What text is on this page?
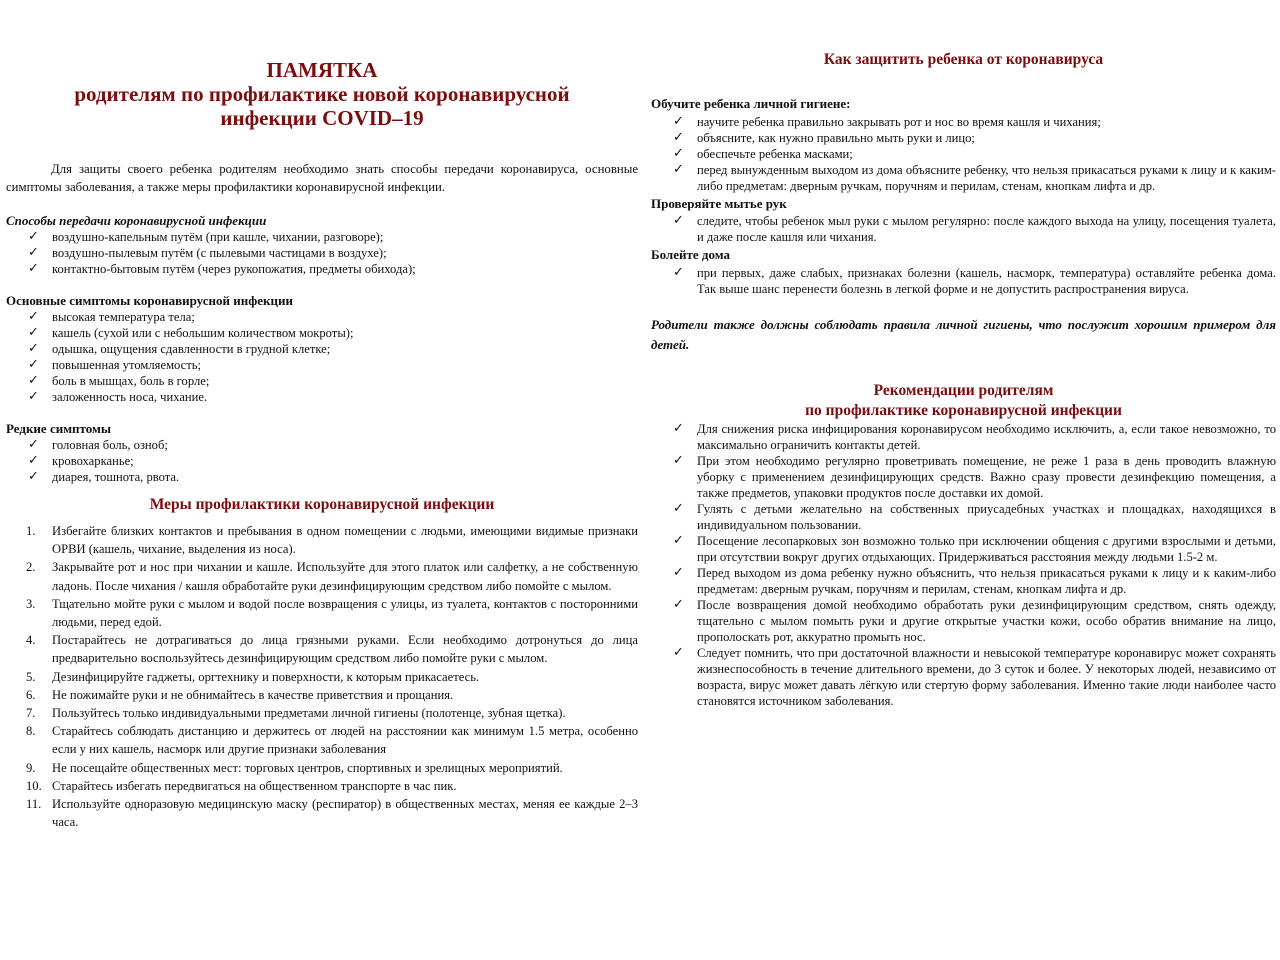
ПАМЯТКА
родителям по профилактике новой коронавирусной
инфекции COVID–19
Для защиты своего ребенка родителям необходимо знать способы передачи коронавируса, основные симптомы заболевания, а также меры профилактики коронавирусной инфекции.
Способы передачи коронавирусной инфекции
✓ воздушно-капельным путём (при кашле, чихании, разговоре);
✓ воздушно-пылевым путём (с пылевыми частицами в воздухе);
✓ контактно-бытовым путём (через рукопожатия, предметы обихода);
Основные симптомы коронавирусной инфекции
✓ высокая температура тела;
✓ кашель (сухой или с небольшим количеством мокроты);
✓ одышка, ощущения сдавленности в грудной клетке;
✓ повышенная утомляемость;
✓ боль в мышцах, боль в горле;
✓ заложенность носа, чихание.
Редкие симптомы
✓ головная боль, озноб;
✓ кровохарканье;
✓ диарея, тошнота, рвота.
Меры профилактики коронавирусной инфекции
1. Избегайте близких контактов и пребывания в одном помещении с людьми, имеющими видимые признаки ОРВИ (кашель, чихание, выделения из носа).
2. Закрывайте рот и нос при чихании и кашле. Используйте для этого платок или салфетку, а не собственную ладонь. После чихания / кашля обработайте руки дезинфицирующим средством либо помойте с мылом.
3. Тщательно мойте руки с мылом и водой после возвращения с улицы, из туалета, контактов с посторонними людьми, перед едой.
4. Постарайтесь не дотрагиваться до лица грязными руками. Если необходимо дотронуться до лица предварительно воспользуйтесь дезинфицирующим средством либо помойте руки с мылом.
5. Дезинфицируйте гаджеты, оргтехнику и поверхности, к которым прикасаетесь.
6. Не пожимайте руки и не обнимайтесь в качестве приветствия и прощания.
7. Пользуйтесь только индивидуальными предметами личной гигиены (полотенце, зубная щетка).
8. Старайтесь соблюдать дистанцию и держитесь от людей на расстоянии как минимум 1.5 метра, особенно если у них кашель, насморк или другие признаки заболевания
9. Не посещайте общественных мест: торговых центров, спортивных и зрелищных мероприятий.
10. Старайтесь избегать передвигаться на общественном транспорте в час пик.
11. Используйте одноразовую медицинскую маску (респиратор) в общественных местах, меняя ее каждые 2–3 часа.
Как защитить ребенка от коронавируса
Обучите ребенка личной гигиене:
✓ научите ребенка правильно закрывать рот и нос во время кашля и чихания;
✓ объясните, как нужно правильно мыть руки и лицо;
✓ обеспечьте ребенка масками;
✓ перед вынужденным выходом из дома объясните ребенку, что нельзя прикасаться руками к лицу и к каким-либо предметам: дверным ручкам, поручням и перилам, стенам, кнопкам лифта и др.
Проверяйте мытье рук
✓ следите, чтобы ребенок мыл руки с мылом регулярно: после каждого выхода на улицу, посещения туалета, и даже после кашля или чихания.
Болейте дома
✓ при первых, даже слабых, признаках болезни (кашель, насморк, температура) оставляйте ребенка дома. Так выше шанс перенести болезнь в легкой форме и не допустить распространения вируса.
Родители также должны соблюдать правила личной гигиены, что послужит хорошим примером для детей.
Рекомендации родителям
по профилактике коронавирусной инфекции
✓ Для снижения риска инфицирования коронавирусом необходимо исключить, а, если такое невозможно, то максимально ограничить контакты детей.
✓ При этом необходимо регулярно проветривать помещение, не реже 1 раза в день проводить влажную уборку с применением дезинфицирующих средств. Важно сразу провести дезинфекцию помещения, а также предметов, упаковки продуктов после доставки их домой.
✓ Гулять с детьми желательно на собственных приусадебных участках и площадках, находящихся в индивидуальном пользовании.
✓ Посещение лесопарковых зон возможно только при исключении общения с другими взрослыми и детьми, при отсутствии вокруг других отдыхающих. Придерживаться расстояния между людьми 1.5-2 м.
✓ Перед выходом из дома ребенку нужно объяснить, что нельзя прикасаться руками к лицу и к каким-либо предметам: дверным ручкам, поручням и перилам, стенам, кнопкам лифта и др.
✓ После возвращения домой необходимо обработать руки дезинфицирующим средством, снять одежду, тщательно с мылом помыть руки и другие открытые участки кожи, особо обратив внимание на лицо, прополоскать рот, аккуратно промыть нос.
✓ Следует помнить, что при достаточной влажности и невысокой температуре коронавирус может сохранять жизнеспособность в течение длительного времени, до 3 суток и более. У некоторых людей, независимо от возраста, вирус может давать лёгкую или стертую форму заболевания. Именно такие люди наиболее часто становятся источником заболевания.
